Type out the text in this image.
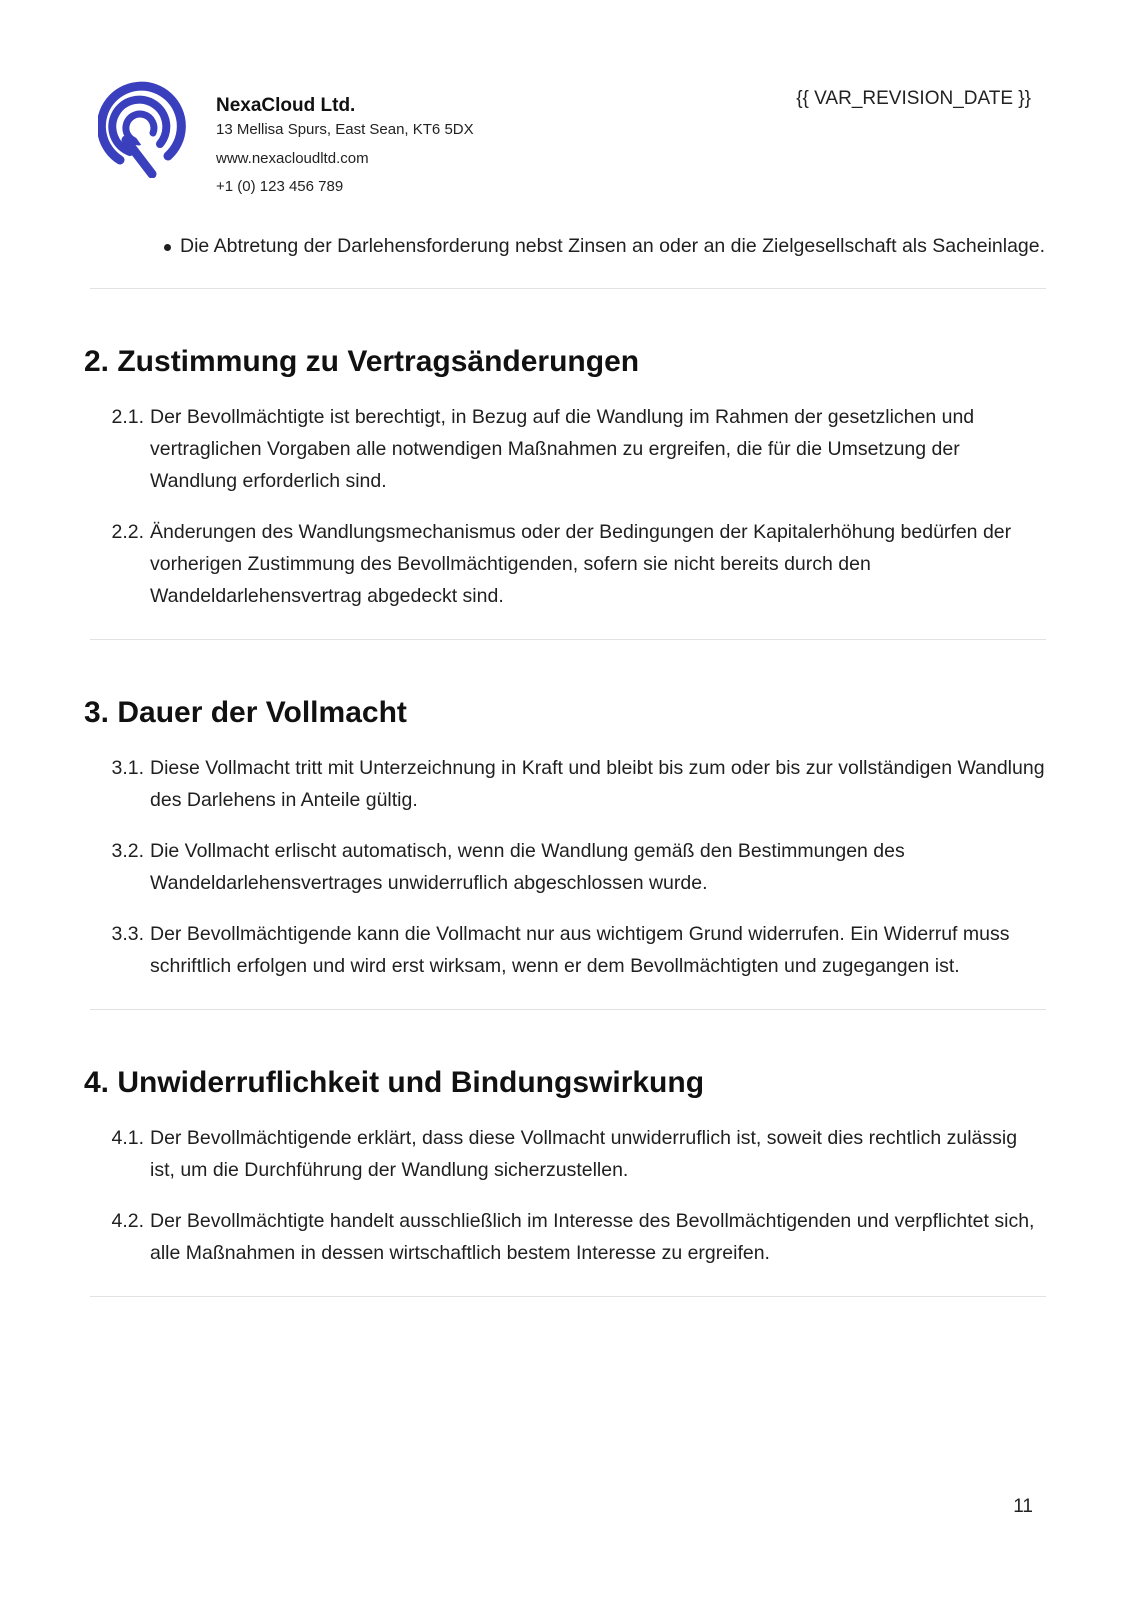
NexaCloud Ltd.
13 Mellisa Spurs, East Sean, KT6 5DX
www.nexacloudltd.com
+1 (0) 123 456 789
{{ VAR_REVISION_DATE }}
Die Abtretung der Darlehensforderung nebst Zinsen an oder an die Zielgesellschaft als Sacheinlage.
2. Zustimmung zu Vertragsänderungen
2.1. Der Bevollmächtigte ist berechtigt, in Bezug auf die Wandlung im Rahmen der gesetzlichen und vertraglichen Vorgaben alle notwendigen Maßnahmen zu ergreifen, die für die Umsetzung der Wandlung erforderlich sind.
2.2. Änderungen des Wandlungsmechanismus oder der Bedingungen der Kapitalerhöhung bedürfen der vorherigen Zustimmung des Bevollmächtigenden, sofern sie nicht bereits durch den Wandeldarlehensvertrag abgedeckt sind.
3. Dauer der Vollmacht
3.1. Diese Vollmacht tritt mit Unterzeichnung in Kraft und bleibt bis zum oder bis zur vollständigen Wandlung des Darlehens in Anteile gültig.
3.2. Die Vollmacht erlischt automatisch, wenn die Wandlung gemäß den Bestimmungen des Wandeldarlehensvertrages unwiderruflich abgeschlossen wurde.
3.3. Der Bevollmächtigende kann die Vollmacht nur aus wichtigem Grund widerrufen. Ein Widerruf muss schriftlich erfolgen und wird erst wirksam, wenn er dem Bevollmächtigten und zugegangen ist.
4. Unwiderruflichkeit und Bindungswirkung
4.1. Der Bevollmächtigende erklärt, dass diese Vollmacht unwiderruflich ist, soweit dies rechtlich zulässig ist, um die Durchführung der Wandlung sicherzustellen.
4.2. Der Bevollmächtigte handelt ausschließlich im Interesse des Bevollmächtigenden und verpflichtet sich, alle Maßnahmen in dessen wirtschaftlich bestem Interesse zu ergreifen.
11
